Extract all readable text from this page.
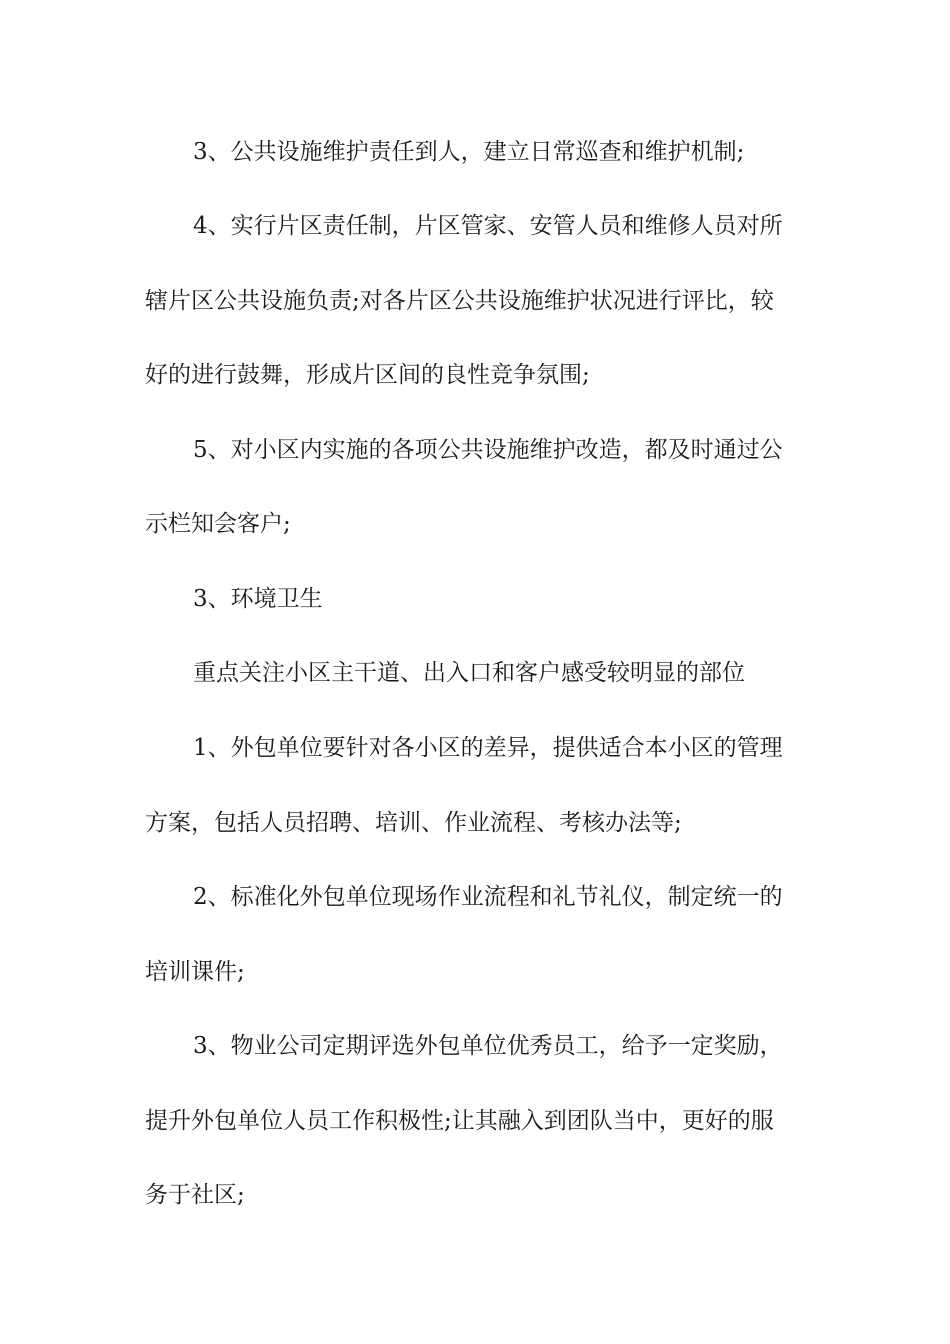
3、公共设施维护责任到人，建立日常巡查和维护机制;
4、实行片区责任制，片区管家、安管人员和维修人员对所
辖片区公共设施负责;对各片区公共设施维护状况进行评比，较
好的进行鼓舞，形成片区间的良性竞争氛围;
5、对小区内实施的各项公共设施维护改造，都及时通过公
示栏知会客户;
3、环境卫生
重点关注小区主干道、出入口和客户感受较明显的部位
1、外包单位要针对各小区的差异，提供适合本小区的管理
方案，包括人员招聘、培训、作业流程、考核办法等;
2、标准化外包单位现场作业流程和礼节礼仪，制定统一的
培训课件;
3、物业公司定期评选外包单位优秀员工，给予一定奖励，
提升外包单位人员工作积极性;让其融入到团队当中，更好的服
务于社区;
